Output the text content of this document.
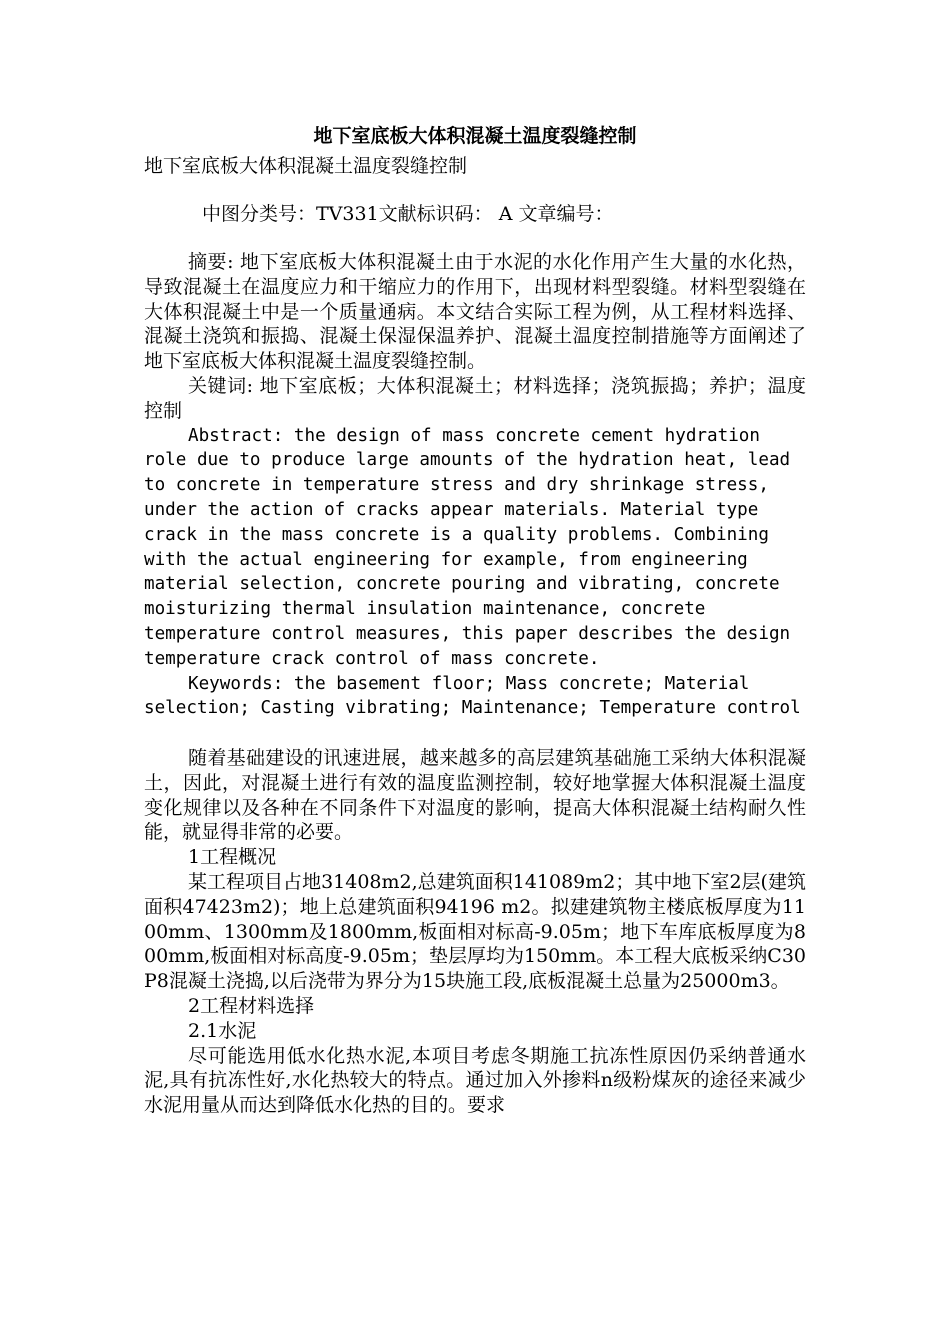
地下室底板大体积混凝土温度裂缝控制

地下室底板大体积混凝土温度裂缝控制

中图分类号：TV331文献标识码： A 文章编号：

摘要: 地下室底板大体积混凝土由于水泥的水化作用产生大量的水化热，导致混凝土在温度应力和干缩应力的作用下，出现材料型裂缝。材料型裂缝在大体积混凝土中是一个质量通病。本文结合实际工程为例，从工程材料选择、混凝土浇筑和振捣、混凝土保湿保温养护、混凝土温度控制措施等方面阐述了地下室底板大体积混凝土温度裂缝控制。

关键词: 地下室底板；大体积混凝土；材料选择；浇筑振捣；养护；温度控制

Abstract: the design of mass concrete cement hydration role due to produce large amounts of the hydration heat, lead to concrete in temperature stress and dry shrinkage stress, under the action of cracks appear materials. Material type crack in the mass concrete is a quality problems. Combining with the actual engineering for example, from engineering material selection, concrete pouring and vibrating, concrete moisturizing thermal insulation maintenance, concrete temperature control measures, this paper describes the design temperature crack control of mass concrete.

Keywords: the basement floor; Mass concrete; Material selection; Casting vibrating; Maintenance; Temperature control

随着基础建设的讯速进展，越来越多的高层建筑基础施工采纳大体积混凝土，因此，对混凝土进行有效的温度监测控制，较好地掌握大体积混凝土温度变化规律以及各种在不同条件下对温度的影响，提高大体积混凝土结构耐久性能，就显得非常的必要。

1工程概况

某工程项目占地31408m2,总建筑面积141089m2；其中地下室2层(建筑面积47423m2)；地上总建筑面积94196 m2。拟建建筑物主楼底板厚度为1100mm、1300mm及1800mm,板面相对标高-9.05m；地下车库底板厚度为800mm,板面相对标高度-9.05m；垫层厚均为150mm。本工程大底板采纳C30P8混凝土浇捣,以后浇带为界分为15块施工段,底板混凝土总量为25000m3。

2工程材料选择

2.1水泥

尽可能选用低水化热水泥,本项目考虑冬期施工抗冻性原因仍采纳普通水泥,具有抗冻性好,水化热较大的特点。通过加入外掺料n级粉煤灰的途径来减少水泥用量从而达到降低水化热的目的。要求
